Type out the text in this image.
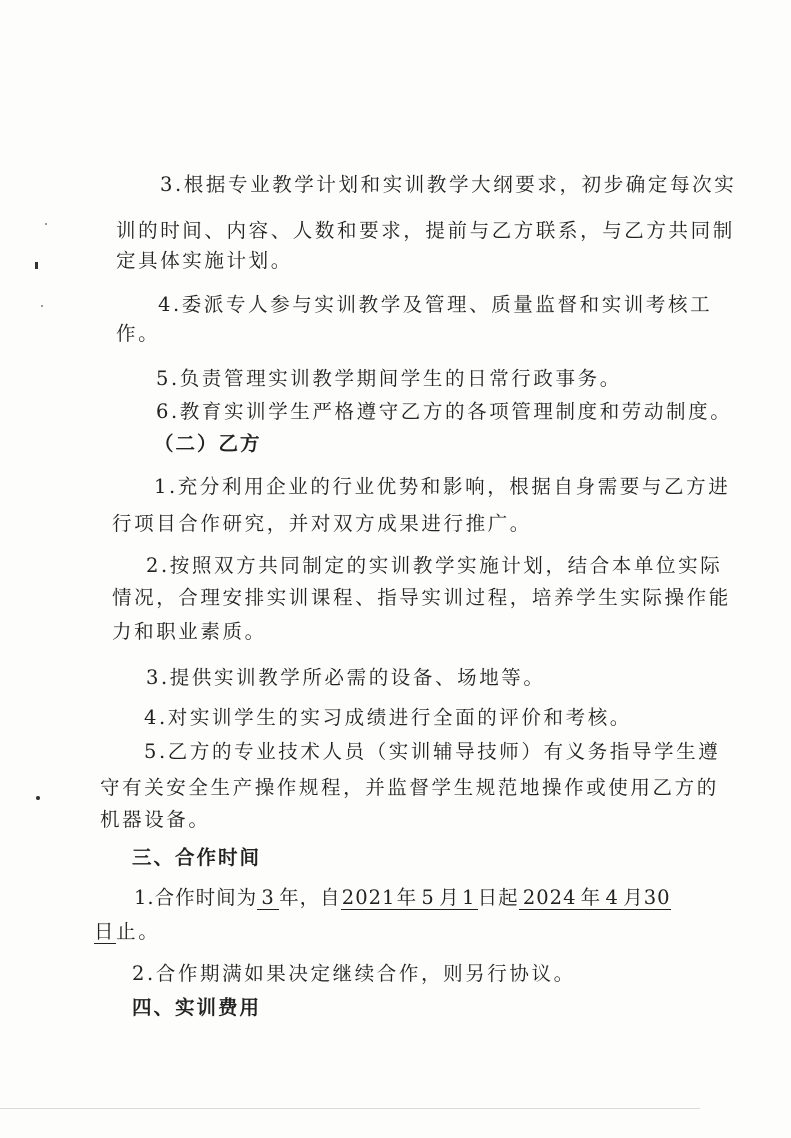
3.根据专业教学计划和实训教学大纲要求，初步确定每次实
训的时间、内容、人数和要求，提前与乙方联系，与乙方共同制
定具体实施计划。
4.委派专人参与实训教学及管理、质量监督和实训考核工
作。
5.负责管理实训教学期间学生的日常行政事务。
6.教育实训学生严格遵守乙方的各项管理制度和劳动制度。
（二）乙方
1.充分利用企业的行业优势和影响，根据自身需要与乙方进
行项目合作研究，并对双方成果进行推广。
2.按照双方共同制定的实训教学实施计划，结合本单位实际
情况，合理安排实训课程、指导实训过程，培养学生实际操作能
力和职业素质。
3.提供实训教学所必需的设备、场地等。
4.对实训学生的实习成绩进行全面的评价和考核。
5.乙方的专业技术人员（实训辅导技师）有义务指导学生遵
守有关安全生产操作规程，并监督学生规范地操作或使用乙方的
机器设备。
三、合作时间
1.合作时间为 3 年，自2021年 5 月 1 日起 2024 年 4 月30
日止。
2.合作期满如果决定继续合作，则另行协议。
四、实训费用
